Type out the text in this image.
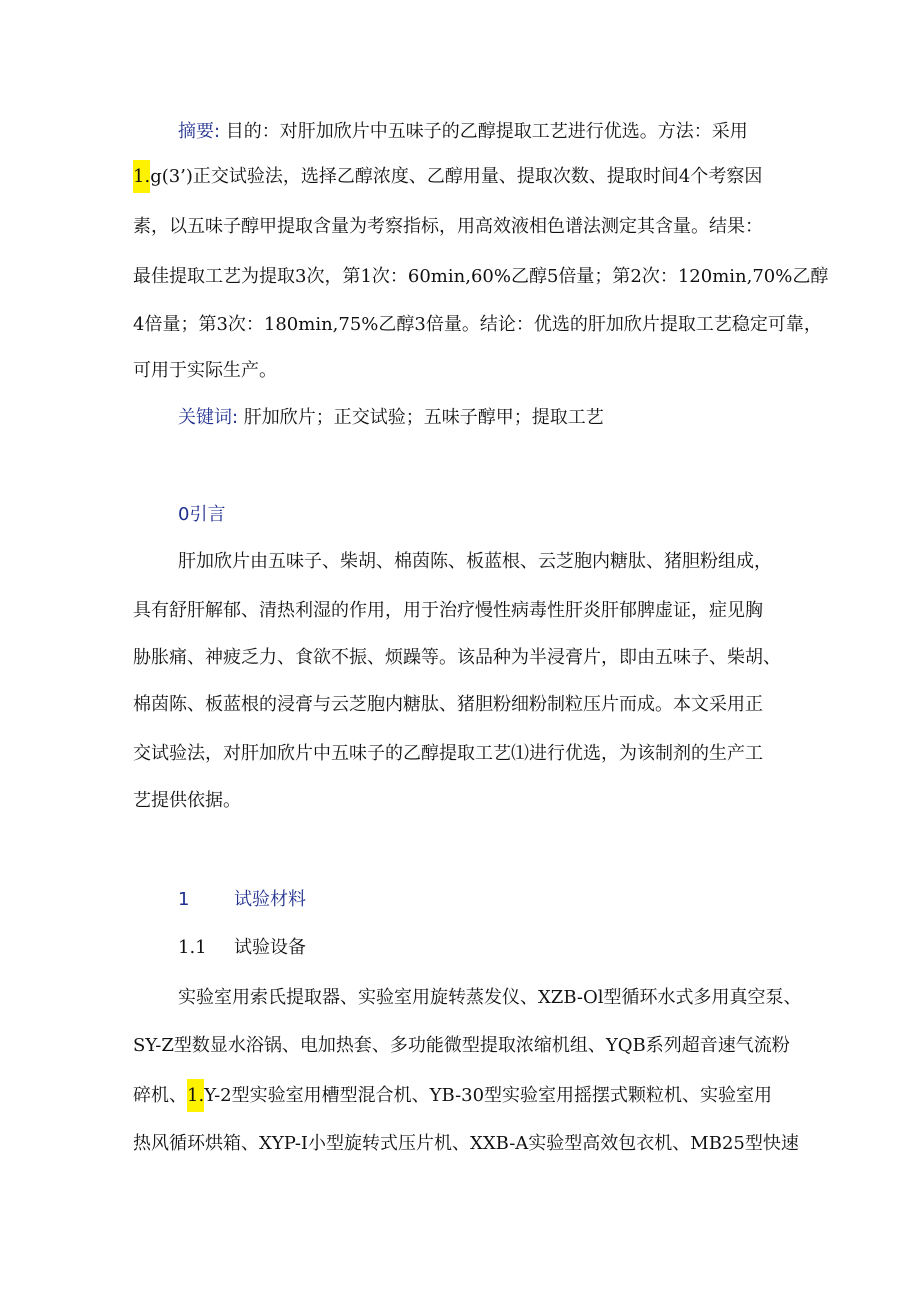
摘要: 目的：对肝加欣片中五味子的乙醇提取工艺进行优选。方法：采用
1.g(3’)正交试验法，选择乙醇浓度、乙醇用量、提取次数、提取时间4个考察因
素，以五味子醇甲提取含量为考察指标，用高效液相色谱法测定其含量。结果：
最佳提取工艺为提取3次，第1次：60min,60%乙醇5倍量；第2次：120min,70%乙醇
4倍量；第3次：180min,75%乙醇3倍量。结论：优选的肝加欣片提取工艺稳定可靠，
可用于实际生产。
关键词: 肝加欣片；正交试验；五味子醇甲；提取工艺
0引言
肝加欣片由五味子、柴胡、棉茵陈、板蓝根、云芝胞内糖肽、猪胆粉组成，
具有舒肝解郁、清热利湿的作用，用于治疗慢性病毒性肝炎肝郁脾虚证，症见胸
胁胀痛、神疲乏力、食欲不振、烦躁等。该品种为半浸膏片，即由五味子、柴胡、
棉茵陈、板蓝根的浸膏与云芝胞内糖肽、猪胆粉细粉制粒压片而成。本文采用正
交试验法，对肝加欣片中五味子的乙醇提取工艺⑴进行优选，为该制剂的生产工
艺提供依据。
1 试验材料
1.1 试验设备
实验室用索氏提取器、实验室用旋转蒸发仪、XZB-Ol型循环水式多用真空泵、
SY-Z型数显水浴锅、电加热套、多功能微型提取浓缩机组、YQB系列超音速气流粉
碎机、1.Y-2型实验室用槽型混合机、YB-30型实验室用摇摆式颗粒机、实验室用
热风循环烘箱、XYP-I小型旋转式压片机、XXB-A实验型高效包衣机、MB25型快速
